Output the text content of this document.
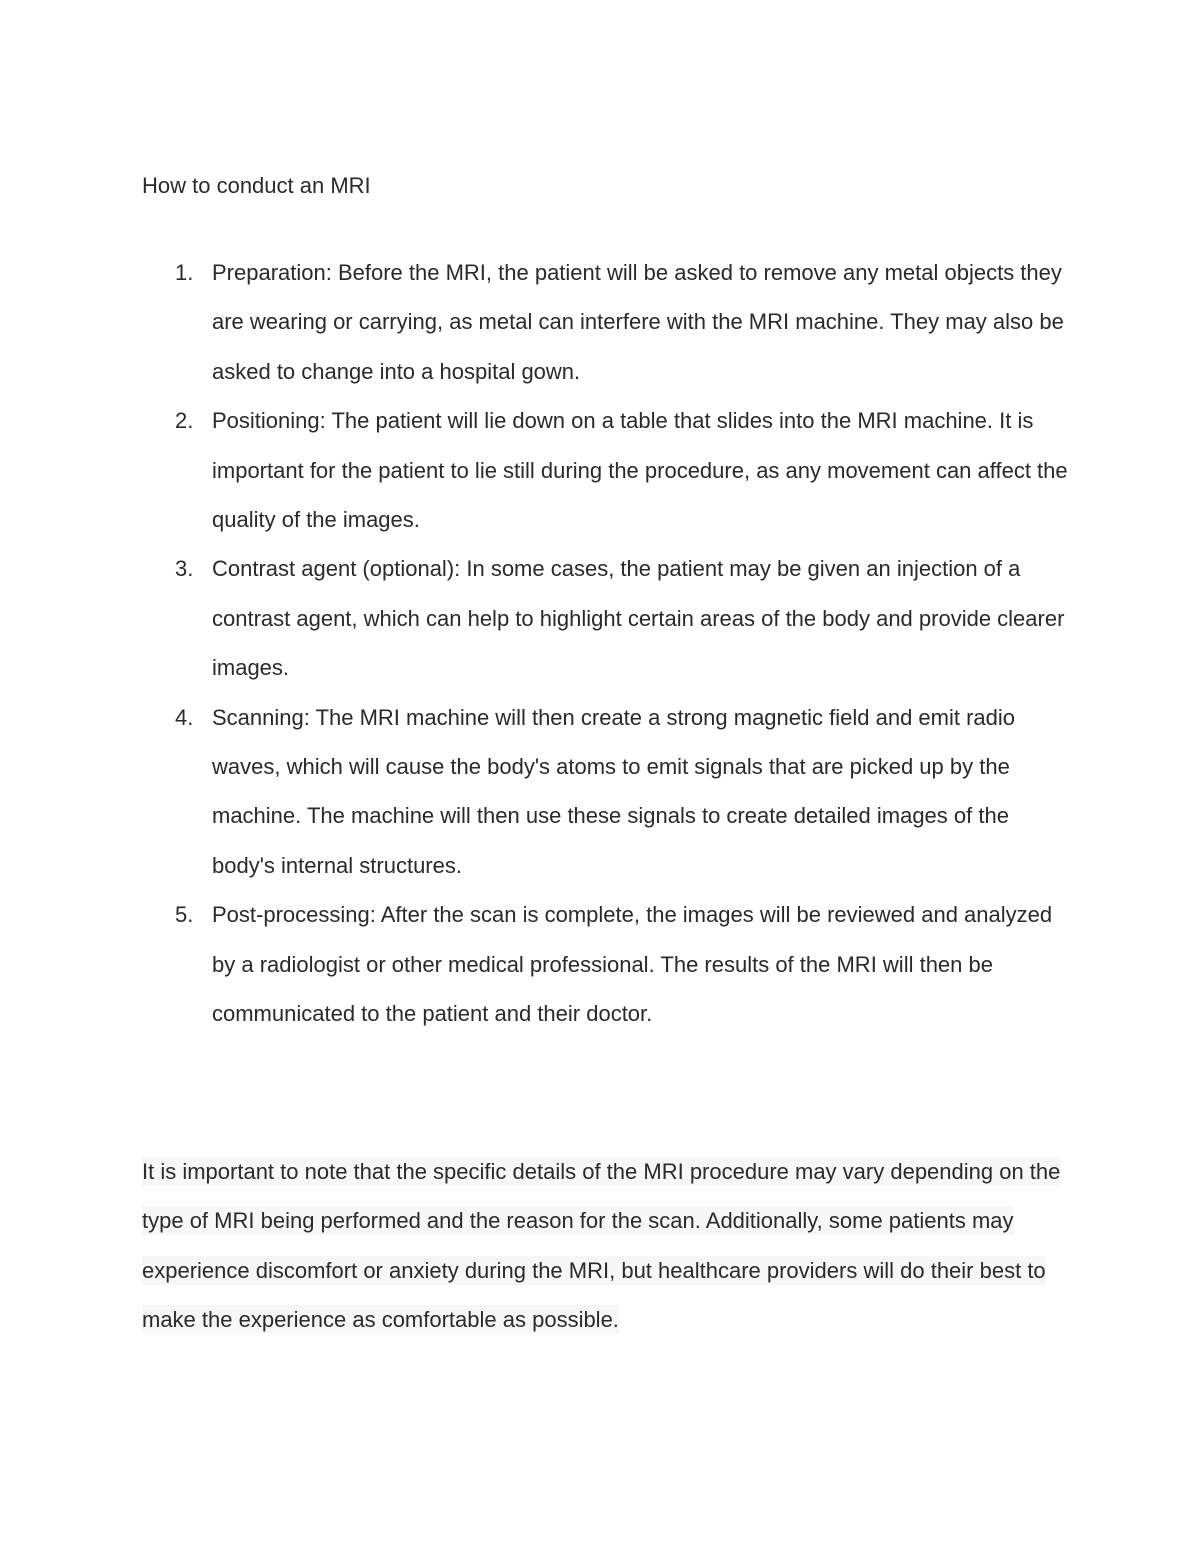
How to conduct an MRI
1. Preparation: Before the MRI, the patient will be asked to remove any metal objects they are wearing or carrying, as metal can interfere with the MRI machine. They may also be asked to change into a hospital gown.
2. Positioning: The patient will lie down on a table that slides into the MRI machine. It is important for the patient to lie still during the procedure, as any movement can affect the quality of the images.
3. Contrast agent (optional): In some cases, the patient may be given an injection of a contrast agent, which can help to highlight certain areas of the body and provide clearer images.
4. Scanning: The MRI machine will then create a strong magnetic field and emit radio waves, which will cause the body's atoms to emit signals that are picked up by the machine. The machine will then use these signals to create detailed images of the body's internal structures.
5. Post-processing: After the scan is complete, the images will be reviewed and analyzed by a radiologist or other medical professional. The results of the MRI will then be communicated to the patient and their doctor.

It is important to note that the specific details of the MRI procedure may vary depending on the type of MRI being performed and the reason for the scan. Additionally, some patients may experience discomfort or anxiety during the MRI, but healthcare providers will do their best to make the experience as comfortable as possible.
